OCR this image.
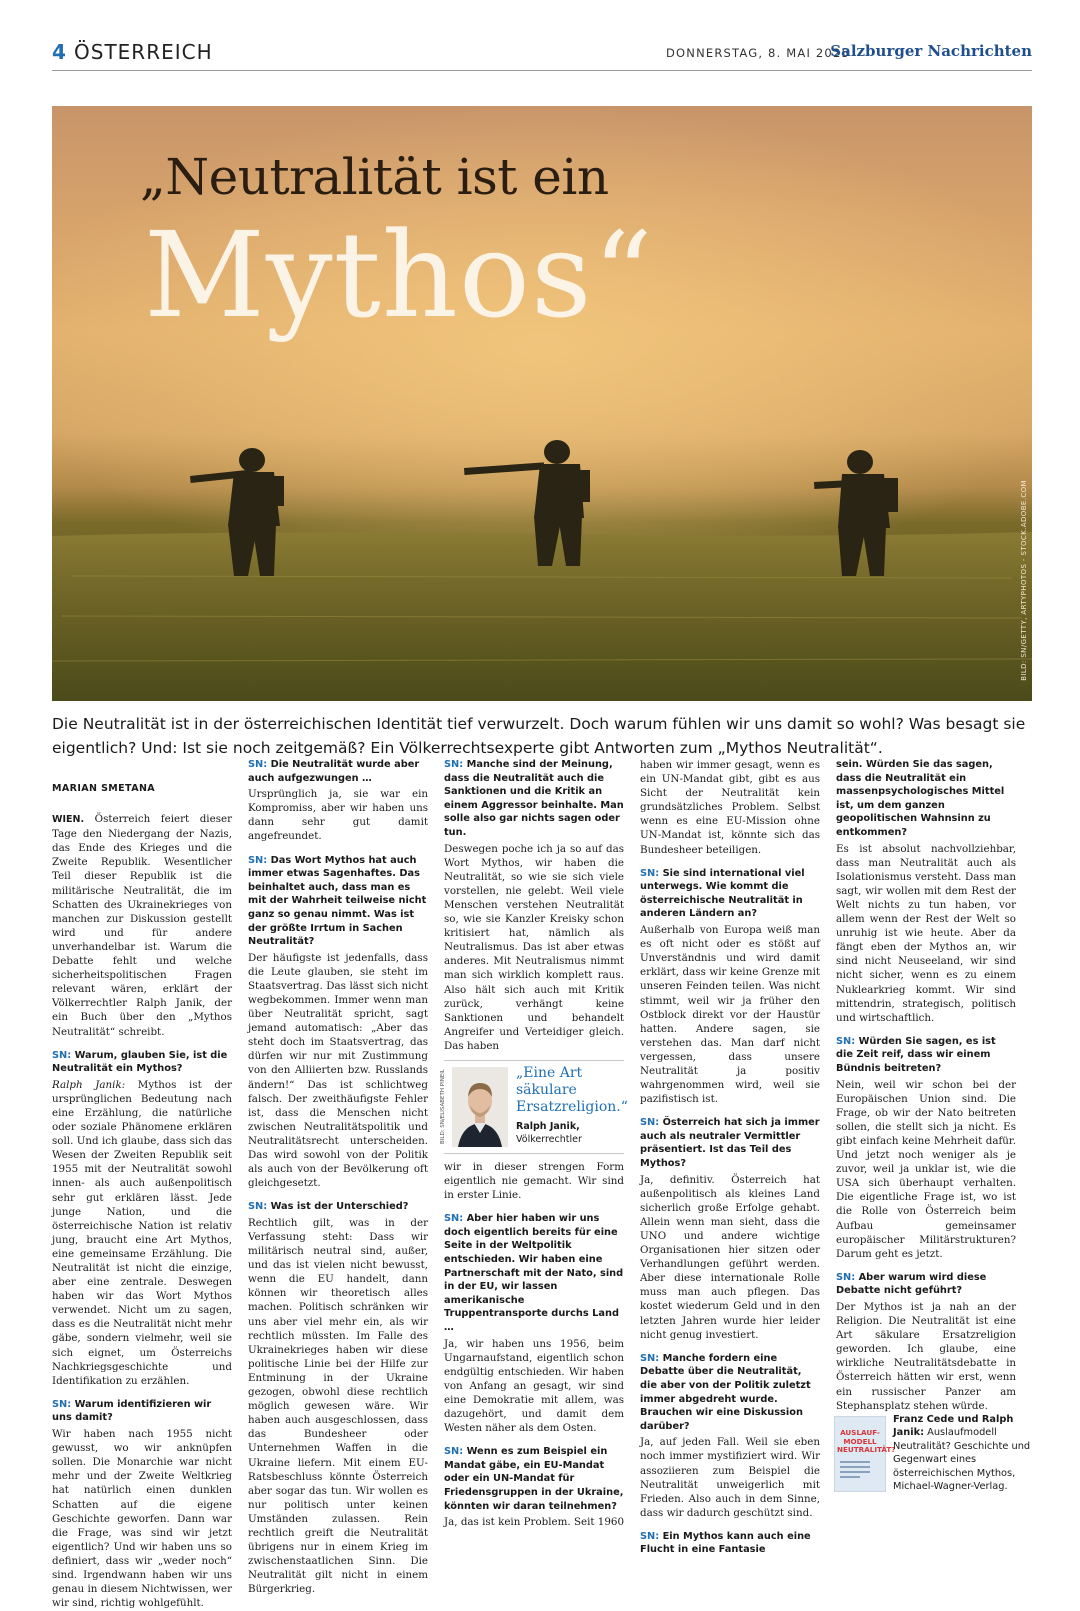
4 ÖSTERREICH	DONNERSTAG, 8. MAI 2025
Salzburger Nachrichten
„Neutralität ist ein
Mythos“
BILD: SN/GETTY, ARTYPHOTOS - STOCK.ADOBE.COM
Die Neutralität ist in der österreichischen Identität tief verwurzelt. Doch warum fühlen wir uns damit so wohl? Was besagt sie eigentlich? Und: Ist sie noch zeitgemäß? Ein Völkerrechtsexperte gibt Antworten zum „Mythos Neutralität“.
MARIAN SMETANA

WIEN. Österreich feiert dieser Tage den Niedergang der Nazis, das Ende des Krieges und die Zweite Republik. Wesentlicher Teil dieser Republik ist die militärische Neutralität, die im Schatten des Ukrainekrieges von manchen zur Diskussion gestellt wird und für andere unverhandelbar ist. Warum die Debatte fehlt und welche sicherheitspolitischen Fragen relevant wären, erklärt der Völkerrechtler Ralph Janik, der ein Buch über den „Mythos Neutralität“ schreibt.

SN: Warum, glauben Sie, ist die Neutralität ein Mythos?

Ralph Janik: Mythos ist der ursprünglichen Bedeutung nach eine Erzählung, die natürliche oder soziale Phänomene erklären soll. Und ich glaube, dass sich das Wesen der Zweiten Republik seit 1955 mit der Neutralität sowohl innen- als auch außenpolitisch sehr gut erklären lässt. Jede junge Nation, und die österreichische Nation ist relativ jung, braucht eine Art Mythos, eine gemeinsame Erzählung. Die Neutralität ist nicht die einzige, aber eine zentrale. Deswegen haben wir das Wort Mythos verwendet. Nicht um zu sagen, dass es die Neutralität nicht mehr gäbe, sondern vielmehr, weil sie sich eignet, um Österreichs Nachkriegsgeschichte und Identifikation zu erzählen.

SN: Warum identifizieren wir uns damit?

Wir haben nach 1955 nicht gewusst, wo wir anknüpfen sollen. Die Monarchie war nicht mehr und der Zweite Weltkrieg hat natürlich einen dunklen Schatten auf die eigene Geschichte geworfen. Dann war die Frage, was sind wir jetzt eigentlich? Und wir haben uns so definiert, dass wir „weder noch“ sind. Irgendwann haben wir uns genau in diesem Nichtwissen, wer wir sind, richtig wohlgefühlt.

SN: Die Neutralität wurde aber auch aufgezwungen …

Ursprünglich ja, sie war ein Kompromiss, aber wir haben uns dann sehr gut damit angefreundet.

SN: Das Wort Mythos hat auch immer etwas Sagenhaftes. Das beinhaltet auch, dass man es mit der Wahrheit teilweise nicht ganz so genau nimmt. Was ist der größte Irrtum in Sachen Neutralität?

Der häufigste ist jedenfalls, dass die Leute glauben, sie steht im Staatsvertrag. Das lässt sich nicht wegbekommen. Immer wenn man über Neutralität spricht, sagt jemand automatisch: „Aber das steht doch im Staatsvertrag, das dürfen wir nur mit Zustimmung von den Alliierten bzw. Russlands ändern!“ Das ist schlichtweg falsch. Der zweithäufigste Fehler ist, dass die Menschen nicht zwischen Neutralitätspolitik und Neutralitätsrecht unterscheiden. Das wird sowohl von der Politik als auch von der Bevölkerung oft gleichgesetzt.

SN: Was ist der Unterschied?

Rechtlich gilt, was in der Verfassung steht: Dass wir militärisch neutral sind, außer, und das ist vielen nicht bewusst, wenn die EU handelt, dann können wir theoretisch alles machen. Politisch schränken wir uns aber viel mehr ein, als wir rechtlich müssten. Im Falle des Ukrainekrieges haben wir diese politische Linie bei der Hilfe zur Entminung in der Ukraine gezogen, obwohl diese rechtlich möglich gewesen wäre. Wir haben auch ausgeschlossen, dass das Bundesheer oder Unternehmen Waffen in die Ukraine liefern. Mit einem EU-Ratsbeschluss könnte Österreich aber sogar das tun. Wir wollen es nur politisch unter keinen Umständen zulassen. Rein rechtlich greift die Neutralität übrigens nur in einem Krieg im zwischenstaatlichen Sinn. Die Neutralität gilt nicht in einem Bürgerkrieg.

SN: Manche sind der Meinung, dass die Neutralität auch die Sanktionen und die Kritik an einem Aggressor beinhalte. Man solle also gar nichts sagen oder tun.

Deswegen poche ich ja so auf das Wort Mythos, wir haben die Neutralität, so wie sie sich viele vorstellen, nie gelebt. Weil viele Menschen verstehen Neutralität so, wie sie Kanzler Kreisky schon kritisiert hat, nämlich als Neutralismus. Das ist aber etwas anderes. Mit Neutralismus nimmt man sich wirklich komplett raus. Also hält sich auch mit Kritik zurück, verhängt keine Sanktionen und behandelt Angreifer und Verteidiger gleich. Das haben

wir in dieser strengen Form eigentlich nie gemacht. Wir sind in erster Linie.

SN: Aber hier haben wir uns doch eigentlich bereits für eine Seite in der Weltpolitik entschieden. Wir haben eine Partnerschaft mit der Nato, sind in der EU, wir lassen amerikanische Truppentransporte durchs Land …

Ja, wir haben uns 1956, beim Ungarnaufstand, eigentlich schon endgültig entschieden. Wir haben von Anfang an gesagt, wir sind eine Demokratie mit allem, was dazugehört, und damit dem Westen näher als dem Osten.

SN: Wenn es zum Beispiel ein Mandat gäbe, ein EU-Mandat oder ein UN-Mandat für Friedensgruppen in der Ukraine, könnten wir daran teilnehmen?

Ja, das ist kein Problem. Seit 1960

BILD: SN/ELISABETH PINEIL	„Eine Art säkulare Ersatzreligion.“
Ralph Janik,
Völkerrechtler

haben wir immer gesagt, wenn es ein UN-Mandat gibt, gibt es aus Sicht der Neutralität kein grundsätzliches Problem. Selbst wenn es eine EU-Mission ohne UN-Mandat ist, könnte sich das Bundesheer beteiligen.

SN: Sie sind international viel unterwegs. Wie kommt die österreichische Neutralität in anderen Ländern an?

Außerhalb von Europa weiß man es oft nicht oder es stößt auf Unverständnis und wird damit erklärt, dass wir keine Grenze mit unseren Feinden teilen. Was nicht stimmt, weil wir ja früher den Ostblock direkt vor der Haustür hatten. Andere sagen, sie verstehen das. Man darf nicht vergessen, dass unsere Neutralität ja positiv wahrgenommen wird, weil sie pazifistisch ist.

SN: Österreich hat sich ja immer auch als neutraler Vermittler präsentiert. Ist das Teil des Mythos?

Ja, definitiv. Österreich hat außenpolitisch als kleines Land sicherlich große Erfolge gehabt. Allein wenn man sieht, dass die UNO und andere wichtige Organisationen hier sitzen oder Verhandlungen geführt werden. Aber diese internationale Rolle muss man auch pflegen. Das kostet wiederum Geld und in den letzten Jahren wurde hier leider nicht genug investiert.

SN: Manche fordern eine Debatte über die Neutralität, die aber von der Politik zuletzt immer abgedreht wurde. Brauchen wir eine Diskussion darüber?

Ja, auf jeden Fall. Weil sie eben noch immer mystifiziert wird. Wir assoziieren zum Beispiel die Neutralität unweigerlich mit Frieden. Also auch in dem Sinne, dass wir dadurch geschützt sind.

SN: Ein Mythos kann auch eine Flucht in eine Fantasie
sein. Würden Sie das sagen, dass die Neutralität ein massenpsychologisches Mittel ist, um dem ganzen geopolitischen Wahnsinn zu entkommen?

Es ist absolut nachvollziehbar, dass man Neutralität auch als Isolationismus versteht. Dass man sagt, wir wollen mit dem Rest der Welt nichts zu tun haben, vor allem wenn der Rest der Welt so unruhig ist wie heute. Aber da fängt eben der Mythos an, wir sind nicht Neuseeland, wir sind nicht sicher, wenn es zu einem Nuklearkrieg kommt. Wir sind mittendrin, strategisch, politisch und wirtschaftlich.

SN: Würden Sie sagen, es ist die Zeit reif, dass wir einem Bündnis beitreten?

Nein, weil wir schon bei der Europäischen Union sind. Die Frage, ob wir der Nato beitreten sollen, die stellt sich ja nicht. Es gibt einfach keine Mehrheit dafür. Und jetzt noch weniger als je zuvor, weil ja unklar ist, wie die USA sich überhaupt verhalten. Die eigentliche Frage ist, wo ist die Rolle von Österreich beim Aufbau gemeinsamer europäischer Militärstrukturen? Darum geht es jetzt.

SN: Aber warum wird diese Debatte nicht geführt?

Der Mythos ist ja nah an der Religion. Die Neutralität ist eine Art säkulare Ersatzreligion geworden. Ich glaube, eine wirkliche Neutralitätsdebatte in Österreich hätten wir erst, wenn ein russischer Panzer am Stephansplatz stehen würde.

AUSLAUF-MODELL NEUTRALITÄT?
Franz Cede und Ralph Janik: Auslaufmodell Neutralität? Geschichte und Gegenwart eines österreichischen Mythos, Michael-Wagner-Verlag.
